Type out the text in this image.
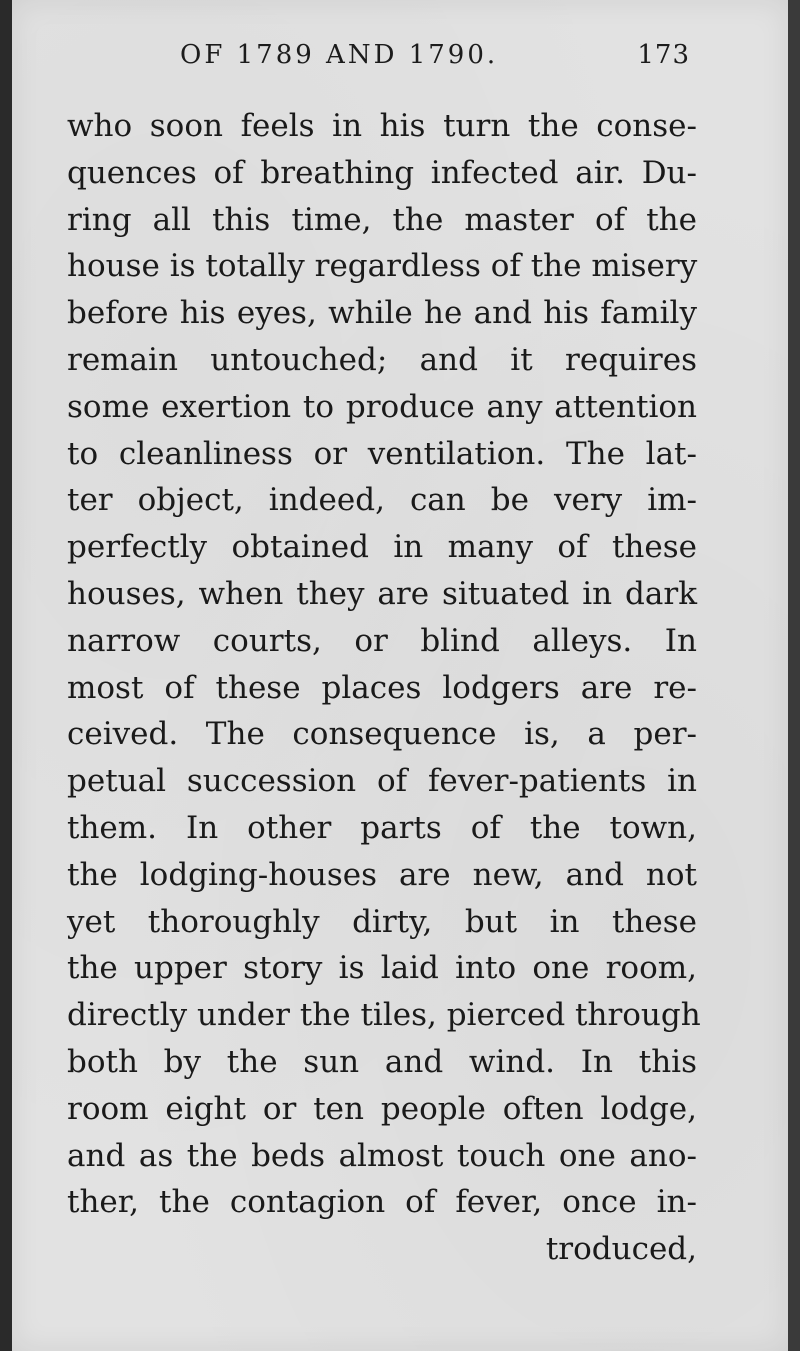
OF 1789 AND 1790.	173
who soon feels in his turn the conse-
quences of breathing infected air. Du-
ring all this time, the master of the
house is totally regardless of the misery
before his eyes, while he and his family
remain untouched; and it requires
some exertion to produce any attention
to cleanliness or ventilation. The lat-
ter object, indeed, can be very im-
perfectly obtained in many of these
houses, when they are situated in dark
narrow courts, or blind alleys. In
most of these places lodgers are re-
ceived. The consequence is, a per-
petual succession of fever-patients in
them. In other parts of the town,
the lodging-houses are new, and not
yet thoroughly dirty, but in these
the upper story is laid into one room,
directly under the tiles, pierced through
both by the sun and wind. In this
room eight or ten people often lodge,
and as the beds almost touch one ano-
ther, the contagion of fever, once in-
troduced,
